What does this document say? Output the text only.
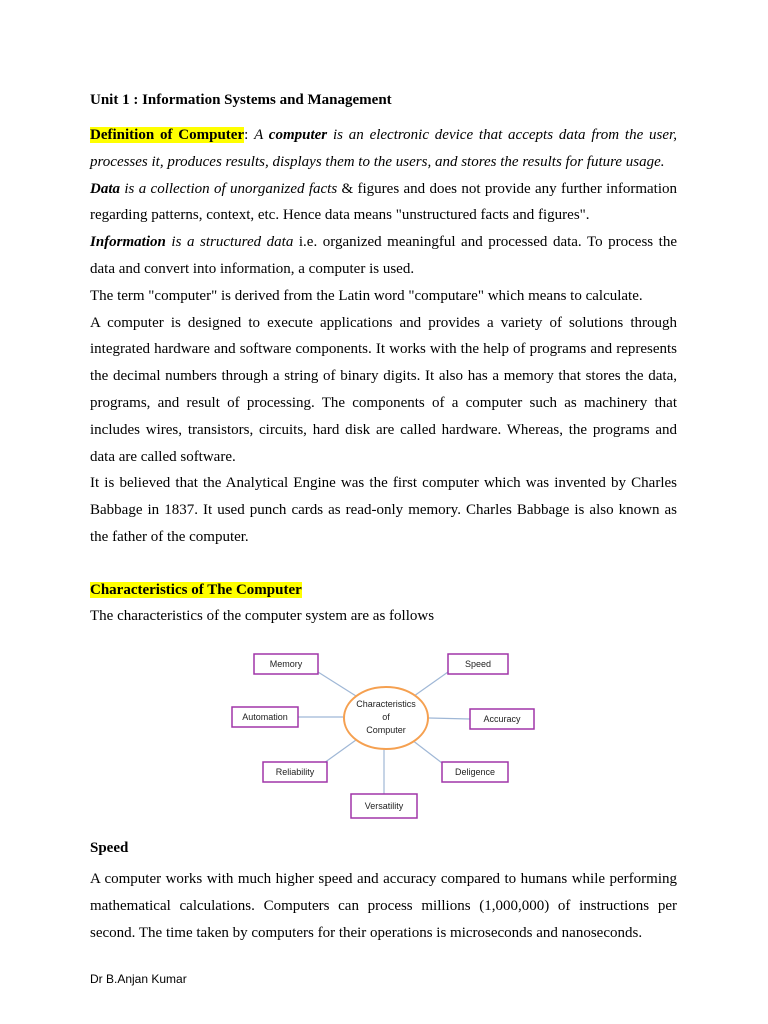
Unit 1 : Information Systems and Management

Definition of Computer: A computer is an electronic device that accepts data from the user, processes it, produces results, displays them to the users, and stores the results for future usage.

Data is a collection of unorganized facts & figures and does not provide any further information regarding patterns, context, etc. Hence data means "unstructured facts and figures".

Information is a structured data i.e. organized meaningful and processed data. To process the data and convert into information, a computer is used.

The term "computer" is derived from the Latin word "computare" which means to calculate.

A computer is designed to execute applications and provides a variety of solutions through integrated hardware and software components. It works with the help of programs and represents the decimal numbers through a string of binary digits. It also has a memory that stores the data, programs, and result of processing. The components of a computer such as machinery that includes wires, transistors, circuits, hard disk are called hardware. Whereas, the programs and data are called software.

It is believed that the Analytical Engine was the first computer which was invented by Charles Babbage in 1837. It used punch cards as read-only memory. Charles Babbage is also known as the father of the computer.

Characteristics of The Computer
The characteristics of the computer system are as follows
Characteristics
of
Computer
Memory	Speed
Automation	Accuracy
Reliability	Deligence
Versatility
Speed
A computer works with much higher speed and accuracy compared to humans while performing mathematical calculations. Computers can process millions (1,000,000) of instructions per second. The time taken by computers for their operations is microseconds and nanoseconds.
Dr B.Anjan Kumar
